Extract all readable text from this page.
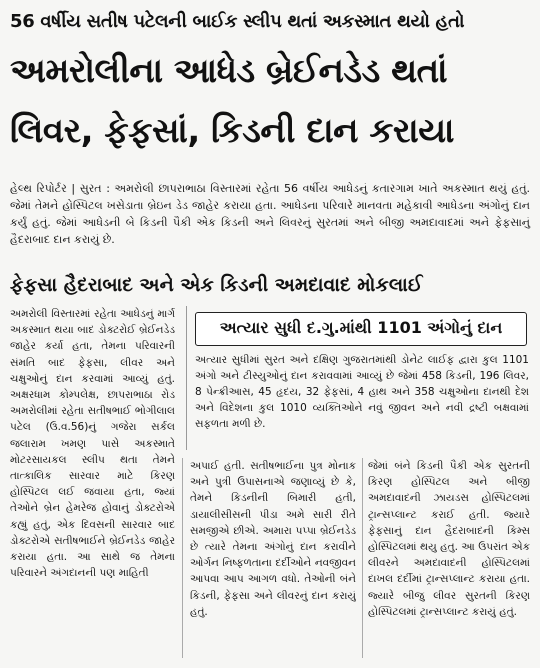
56 વર્ષીય સતીષ પટેલની બાઈક સ્લીપ થતાં અકસ્માત થયો હતો
અમરોલીના આધેડ બ્રેઈનડેડ થતાં
લિવર, ફેફસાં, કિડની દાન કરાયા
હેલ્થ રિપોર્ટર | સુરત : અમરોલી છાપરાભાઠા વિસ્તારમાં રહેતા 56 વર્ષીય આધેડનું કતારગામ ખાતે અકસ્માત થયું હતું. જેમાં તેમને હોસ્પિટલ ખસેડાતા બ્રેઇન ડેડ જાહેર કરાયા હતા. આધેડના પરિવારે માનવતા મહેકાવી આધેડના અંગોનું દાન કર્યું હતું. જેમાં આધેડની બે કિડની પૈકી એક કિડની અને લિવરનું સુરતમાં અને બીજી અમદાવાદમાં અને ફેફસાનું હૈદરાબાદ દાન કરાયું છે.
ફેફસા હૈદરાબાદ અને એક કિડની અમદાવાદ મોકલાઈ
અમરોલી વિસ્તારમાં રહેતા આધેડનું માર્ગ અકસ્માત થયા બાદ ડોક્ટરોઈ બ્રેઈનડેડ જાહેર કર્યા હતા, તેમના પરિવારની સંમતિ બાદ ફેફસા, લીવર અને ચક્ષુઓનું દાન કરવામાં આવ્યું હતું. અક્ષરધામ કોમ્પલેક્ષ, છાપરાભાઠા રોડ અમરોલીમાં રહેતા સતીષભાઈ ભોગીલાલ પટેલ (ઉ.વ.56)નું ગજેરા સર્કલ જલારામ ખમણ પાસે અકસ્માતે મોટરસાયકલ સ્લીપ થતા તેમને તાત્કાલિક સારવાર માટે કિરણ હોસ્પિટલ લઈ જવાયા હતા, જ્યાં તેઓને બ્રેન હેમરેજ હોવાનું ડોક્ટરોએ કહ્યું હતું, એક દિવસની સારવાર બાદ ડોક્ટરોએ સતીષભાઈને બ્રેઈનડેડ જાહેર કરાયા હતા. આ સાથે જ તેમના પરિવારને અંગદાનની પણ માહિતી
અત્યાર સુધી દ.ગુ.માંથી 1101 અંગોનું દાન
અત્યાર સુધીમાં સુરત અને દક્ષિણ ગુજરાતમાંથી ડોનેટ લાઈફ દ્વારા કુલ 1101 અંગો અને ટીસ્યુઓનું દાન કરાવવામાં આવ્યું છે જેમાં 458 કિડની, 196 લિવર, 8 પેન્ક્રીઆસ, 45 હૃદય, 32 ફેફસાં, 4 હાથ અને 358 ચક્ષુઓના દાનથી દેશ અને વિદેશના કુલ 1010 વ્યક્તિઓને નવું જીવન અને નવી દ્રષ્ટી બક્ષવામાં સફળતા મળી છે.
અપાઈ હતી. સતીષભાઈના પુત્ર મોનાક અને પુત્રી ઉપાસનાએ જણાવ્યું છે કે, તેમને કિડનીની બિમારી હતી, ડાયાલીસીસની પીડા અમે સારી રીતે સમજીએ છીએ. અમારા પપ્પા બ્રેઈનડેડ છે ત્યારે તેમના અંગોનું દાન કરાવીને ઓર્ગન નિષ્ફળતાના દર્દીઓને નવજીવન આપવા આપ આગળ વધો. તેઓની બંને કિડની, ફેફસા અને લીવરનું દાન કરાયું હતું.
જેમાં બંને કિડની પૈકી એક સુરતની કિરણ હોસ્પિટલ અને બીજી અમદાવાદની ઝાયડસ હોસ્પિટલમાં ટ્રાન્સપ્લાન્ટ કરાઈ હતી. જ્યારે ફેફસાનું દાન હૈદરાબાદની કિમ્સ હોસ્પિટલમાં થયુ હતુ. આ ઉપરાંત એક લીવરને અમદાવાદની હોસ્પિટલમાં દાખલ દર્દીમાં ટ્રાન્સપ્લાન્ટ કરાયા હતા. જ્યારે બીજુ લીવર સુરતની કિરણ હોસ્પિટલમાં ટ્રાન્સપ્લાન્ટ કરાયું હતું.
